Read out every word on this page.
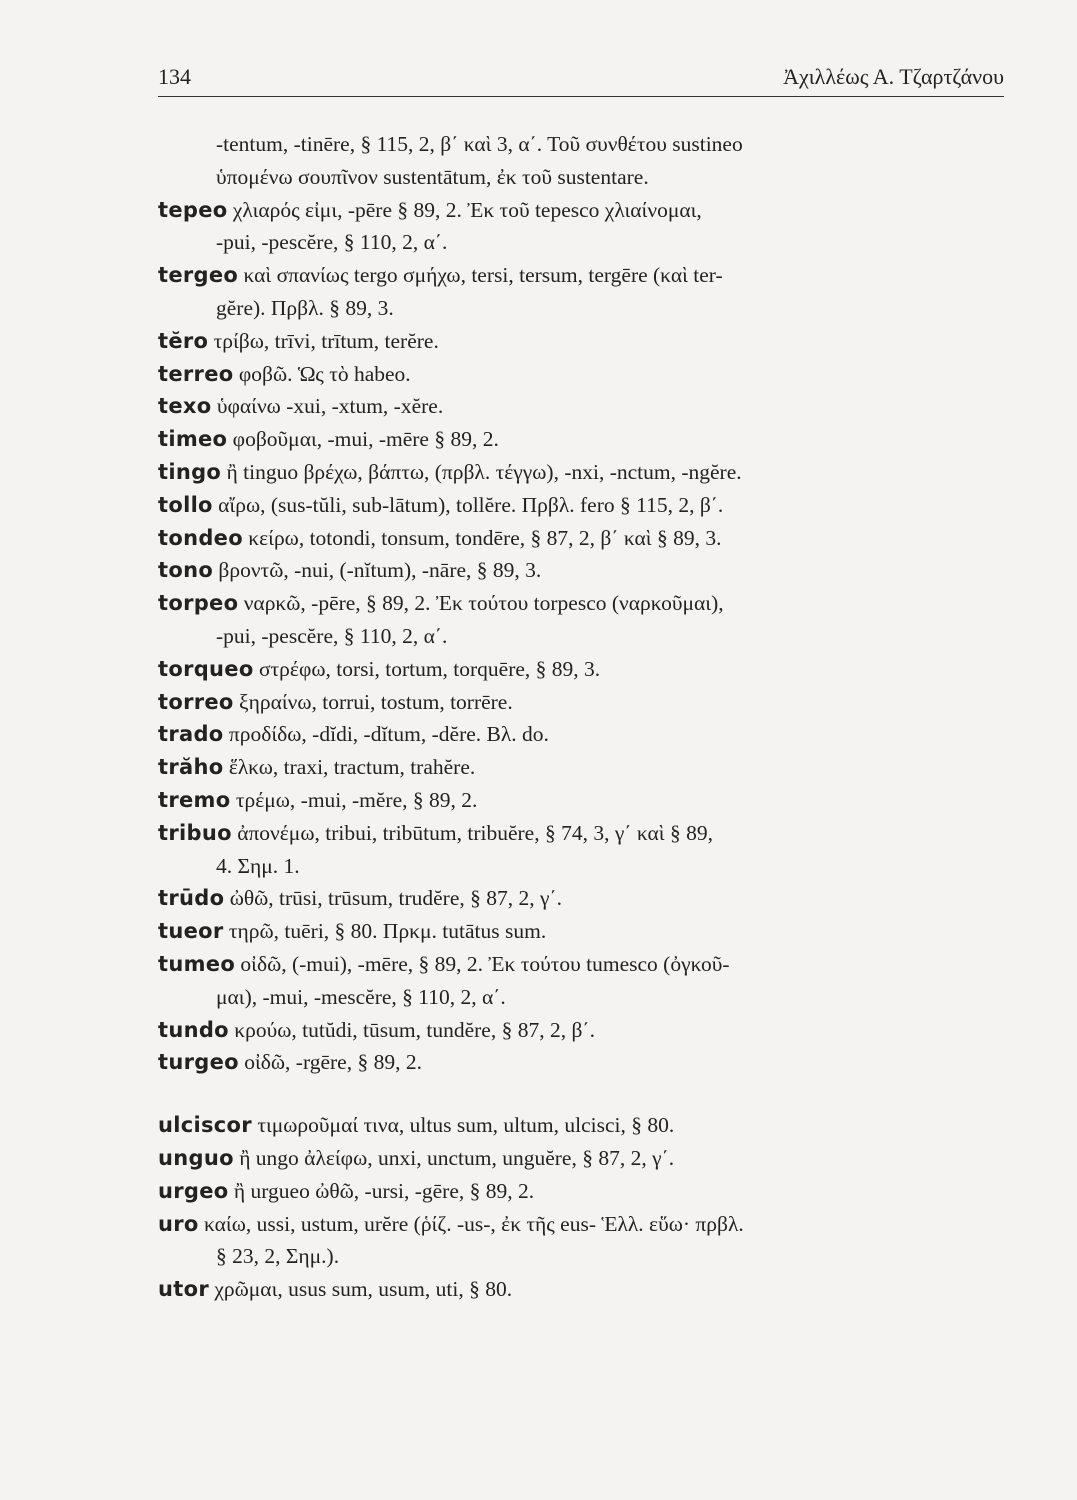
134	Ἀχιλλέως Α. Τζαρτζάνου
-tentum, -tinēre, § 115, 2, β΄ καὶ 3, α΄. Τοῦ συνθέτου sustineo
ὑπομένω σουπῖνον sustentātum, ἐκ τοῦ sustentare.
tepeo χλιαρός εἰμι, -pēre § 89, 2. Ἐκ τοῦ tepesco χλιαίνομαι,
-pui, -pescĕre, § 110, 2, α΄.
tergeo καὶ σπανίως tergo σμήχω, tersi, tersum, tergēre (καὶ ter-
gĕre). Πρβλ. § 89, 3.
tĕro τρίβω, trīvi, trītum, terĕre.
terreo φοβῶ. Ὡς τὸ habeo.
texo ὑφαίνω -xui, -xtum, -xĕre.
timeo φοβοῦμαι, -mui, -mēre § 89, 2.
tingo ἢ tinguo βρέχω, βάπτω, (πρβλ. τέγγω), -nxi, -nctum, -ngĕre.
tollo αἴρω, (sus-tŭli, sub-lātum), tollĕre. Πρβλ. fero § 115, 2, β΄.
tondeo κείρω, totondi, tonsum, tondēre, § 87, 2, β΄ καὶ § 89, 3.
tono βροντῶ, -nui, (-nĭtum), -nāre, § 89, 3.
torpeo ναρκῶ, -pēre, § 89, 2. Ἐκ τούτου torpesco (ναρκοῦμαι),
-pui, -pescĕre, § 110, 2, α΄.
torqueo στρέφω, torsi, tortum, torquēre, § 89, 3.
torreo ξηραίνω, torrui, tostum, torrēre.
trado προδίδω, -dĭdi, -dĭtum, -dĕre. Βλ. do.
trăho ἕλκω, traxi, tractum, trahĕre.
tremo τρέμω, -mui, -mĕre, § 89, 2.
tribuo ἀπονέμω, tribui, tribūtum, tribuĕre, § 74, 3, γ΄ καὶ § 89,
4. Σημ. 1.
trūdo ὠθῶ, trūsi, trūsum, trudĕre, § 87, 2, γ΄.
tueor τηρῶ, tuēri, § 80. Πρκμ. tutātus sum.
tumeo οἰδῶ, (-mui), -mēre, § 89, 2. Ἐκ τούτου tumesco (ὀγκοῦ-
μαι), -mui, -mescĕre, § 110, 2, α΄.
tundo κρούω, tutŭdi, tūsum, tundĕre, § 87, 2, β΄.
turgeo οἰδῶ, -rgēre, § 89, 2.
ulciscor τιμωροῦμαί τινα, ultus sum, ultum, ulcisci, § 80.
unguo ἢ ungo ἀλείφω, unxi, unctum, unguĕre, § 87, 2, γ΄.
urgeo ἢ urgueo ὠθῶ, -ursi, -gēre, § 89, 2.
uro καίω, ussi, ustum, urĕre (ῥίζ. -us-, ἐκ τῆς eus- Ἑλλ. εὕω· πρβλ.
§ 23, 2, Σημ.).
utor χρῶμαι, usus sum, usum, uti, § 80.
